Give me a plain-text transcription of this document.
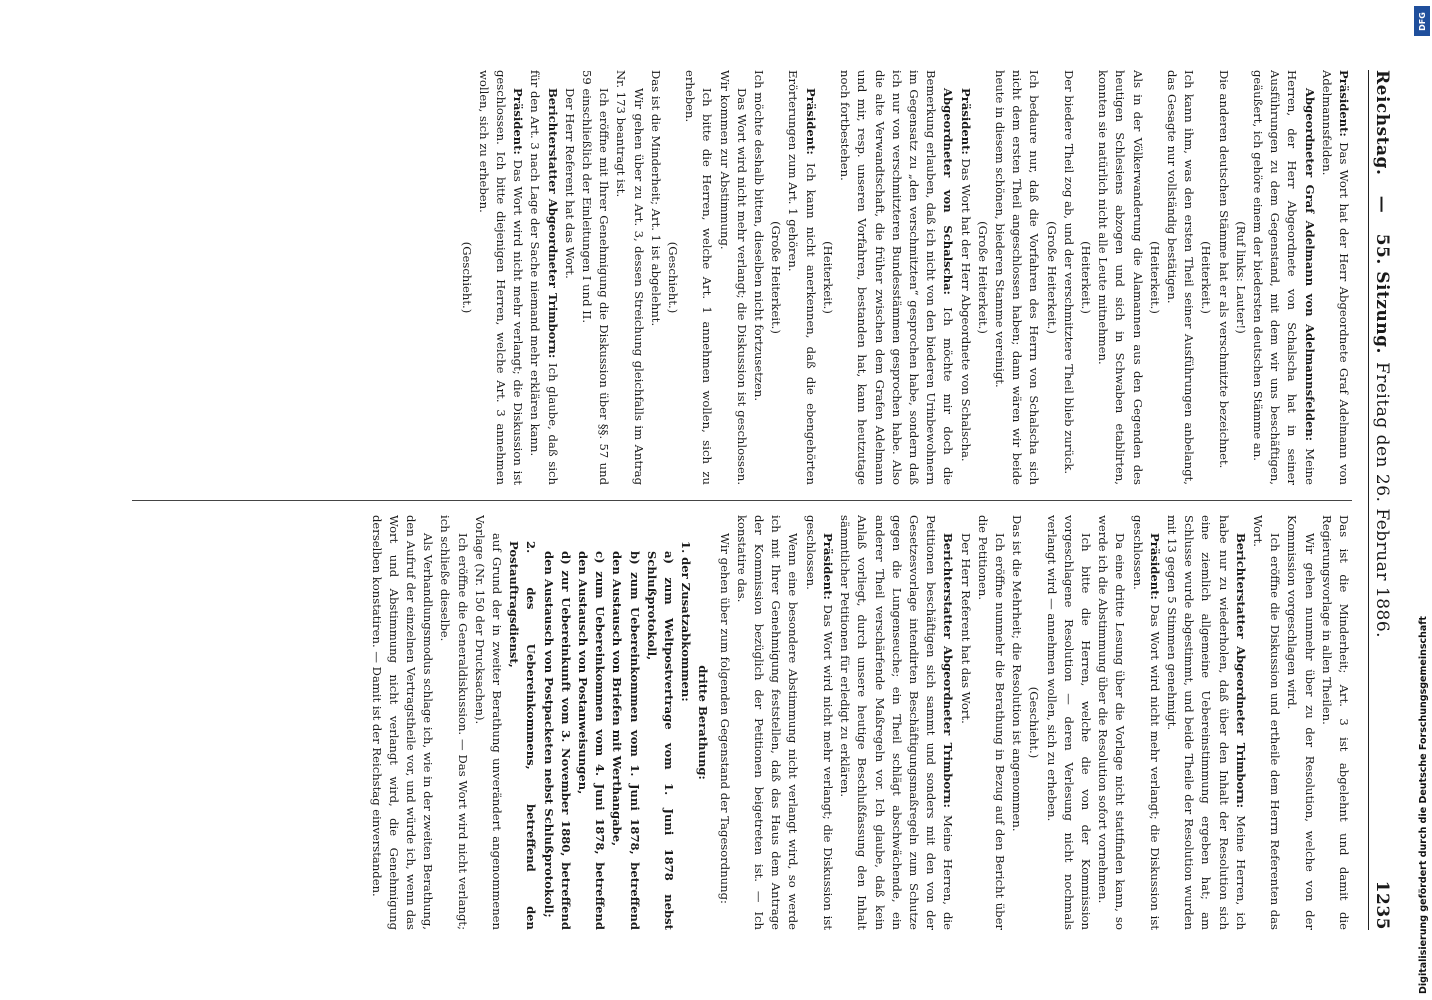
Reichstag. — 55. Sitzung.
Freitag den 26. Februar 1886.
1235

Präsident: Das Wort hat der Herr Abgeordnete Graf Adelmann von Adelmannsfelden.

Abgeordneter Graf Adelmann von Adelmannsfelden: Meine Herren, der Herr Abgeordnete von Schalscha hat in seiner Ausführungen zu dem Gegenstand, mit dem wir uns beschäftigen, geäußert, ich gehöre einem der biedersten deutschen Stämme an.

(Ruf links: Lauter!)

Die anderen deutschen Stämme hat er als verschmitzte bezeichnet.

(Heiterkeit.)

Ich kann ihm, was den ersten Theil seiner Ausführungen anbelangt, das Gesagte nur vollständig bestätigen.

(Heiterkeit.)

Als in der Völkerwanderung die Alamannen aus den Gegenden des heutigen Schlesiens abzogen und sich in Schwaben etablirten, konnten sie natürlich nicht alle Leute mitnehmen.

(Heiterkeit.)

Der biedere Theil zog ab, und der verschmitztere Theil blieb zurück.

(Große Heiterkeit.)

Ich bedaure nur, daß die Vorfahren des Herrn von Schalscha sich nicht dem ersten Theil angeschlossen haben; dann wären wir beide heute in diesem schönen, biederen Stamme vereinigt.

(Große Heiterkeit.)

Präsident: Das Wort hat der Herr Abgeordnete von Schalscha.

Abgeordneter von Schalscha: Ich möchte mir doch die Bemerkung erlauben, daß ich nicht von den biederen Urinbewohnern im Gegensatz zu „den verschmitzten“ gesprochen habe, sondern daß ich nur von verschmitzteren Bundesstämmen gesprochen habe. Also die alte Verwandtschaft, die früher zwischen dem Grafen Adelmann und mir, resp. unseren Vorfahren, bestanden hat, kann heutzutage noch fortbestehen.

(Heiterkeit.)

Präsident: Ich kann nicht anerkennen, daß die ebengehörten Erörterungen zum Art. 1 gehören.

(Große Heiterkeit.)

Ich möchte deshalb bitten, dieselben nicht fortzusetzen.

Das Wort wird nicht mehr verlangt; die Diskussion ist geschlossen. Wir kommen zur Abstimmung.

Ich bitte die Herren, welche Art. 1 annehmen wollen, sich zu erheben.

(Geschieht.)

Das ist die Minderheit; Art. 1 ist abgelehnt.

Wir gehen über zu Art. 3, dessen Streichung gleichfalls im Antrag Nr. 173 beantragt ist.

Ich eröffne mit Ihrer Genehmigung die Diskussion über §§. 57 und 59 einschließlich der Einleitungen I und II.

Der Herr Referent hat das Wort.

Berichterstatter Abgeordneter Trimborn: Ich glaube, daß sich für den Art. 3 nach Lage der Sache niemand mehr erklären kann.

Präsident: Das Wort wird nicht mehr verlangt; die Diskussion ist geschlossen. Ich bitte diejenigen Herren, welche Art. 3 annehmen wollen, sich zu erheben.

(Geschieht.)

Das ist die Minderheit; Art. 3 ist abgelehnt und damit die Regierungsvorlage in allen Theilen.

Wir gehen nunmehr über zu der Resolution, welche von der Kommission vorgeschlagen wird.

Ich eröffne die Diskussion und ertheile dem Herrn Referenten das Wort.

Berichterstatter Abgeordneter Trimborn: Meine Herren, ich habe nur zu wiederholen, daß über den Inhalt der Resolution sich eine ziemlich allgemeine Uebereinstimmung ergeben hat; am Schlusse wurde abgestimmt, und beide Theile der Resolution wurden mit 13 gegen 5 Stimmen genehmigt.

Präsident: Das Wort wird nicht mehr verlangt; die Diskussion ist geschlossen.

Da eine dritte Lesung über die Vorlage nicht stattfinden kann, so werde ich die Abstimmung über die Resolution sofort vornehmen.

Ich bitte die Herren, welche die von der Kommission vorgeschlagene Resolution — deren Verlesung nicht nochmals verlangt wird — annehmen wollen, sich zu erheben.

(Geschieht.)

Das ist die Mehrheit; die Resolution ist angenommen.

Ich eröffne nunmehr die Berathung in Bezug auf den Bericht über die Petitionen.

Der Herr Referent hat das Wort.

Berichterstatter Abgeordneter Trimborn: Meine Herren, die Petitionen beschäftigen sich sammt und sonders mit den von der Gesetzesvorlage intendirten Beschäftigungsmaßregeln zum Schutze gegen die Lungenseuche; ein Theil schlägt abschwächende, ein anderer Theil verschärfende Maßregeln vor. Ich glaube, daß kein Anlaß vorliegt, durch unsere heutige Beschlußfassung den Inhalt sämmtlicher Petitionen für erledigt zu erklären.

Präsident: Das Wort wird nicht mehr verlangt; die Diskussion ist geschlossen.

Wenn eine besondere Abstimmung nicht verlangt wird, so werde ich mit Ihrer Genehmigung feststellen, daß das Haus dem Antrage der Kommission bezüglich der Petitionen beigetreten ist. — Ich konstatire das.

Wir gehen über zum folgenden Gegenstand der Tagesordnung:

dritte Berathung:

1. der Zusatzabkommen:

a) zum Weltpostvertrage vom 1. Juni 1878 nebst Schlußprotokoll,

b) zum Uebereinkommen vom 1. Juni 1878, betreffend den Austausch von Briefen mit Werthangabe,

c) zum Uebereinkommen vom 4. Juni 1878, betreffend den Austausch von Postanweisungen,

d) zur Uebereinkunft vom 3. November 1880, betreffend den Austausch von Postpacketen nebst Schlußprotokoll;

2. des Uebereinkommens, betreffend den Postauftragsdienst,

auf Grund der in zweiter Berathung unverändert angenommenen Vorlage (Nr. 150 der Drucksachen).

Ich eröffne die Generaldiskussion. — Das Wort wird nicht verlangt; ich schließe dieselbe.

Als Verhandlungsmodus schlage ich, wie in der zweiten Berathung, den Aufruf der einzelnen Vertragstheile vor, und würde ich, wenn das Wort und Abstimmung nicht verlangt wird, die Genehmigung derselben konstatiren. — Damit ist der Reichstag einverstanden.	Digitalisierung gefördert durch die Deutsche Forschungsgemeinschaft
DFG
